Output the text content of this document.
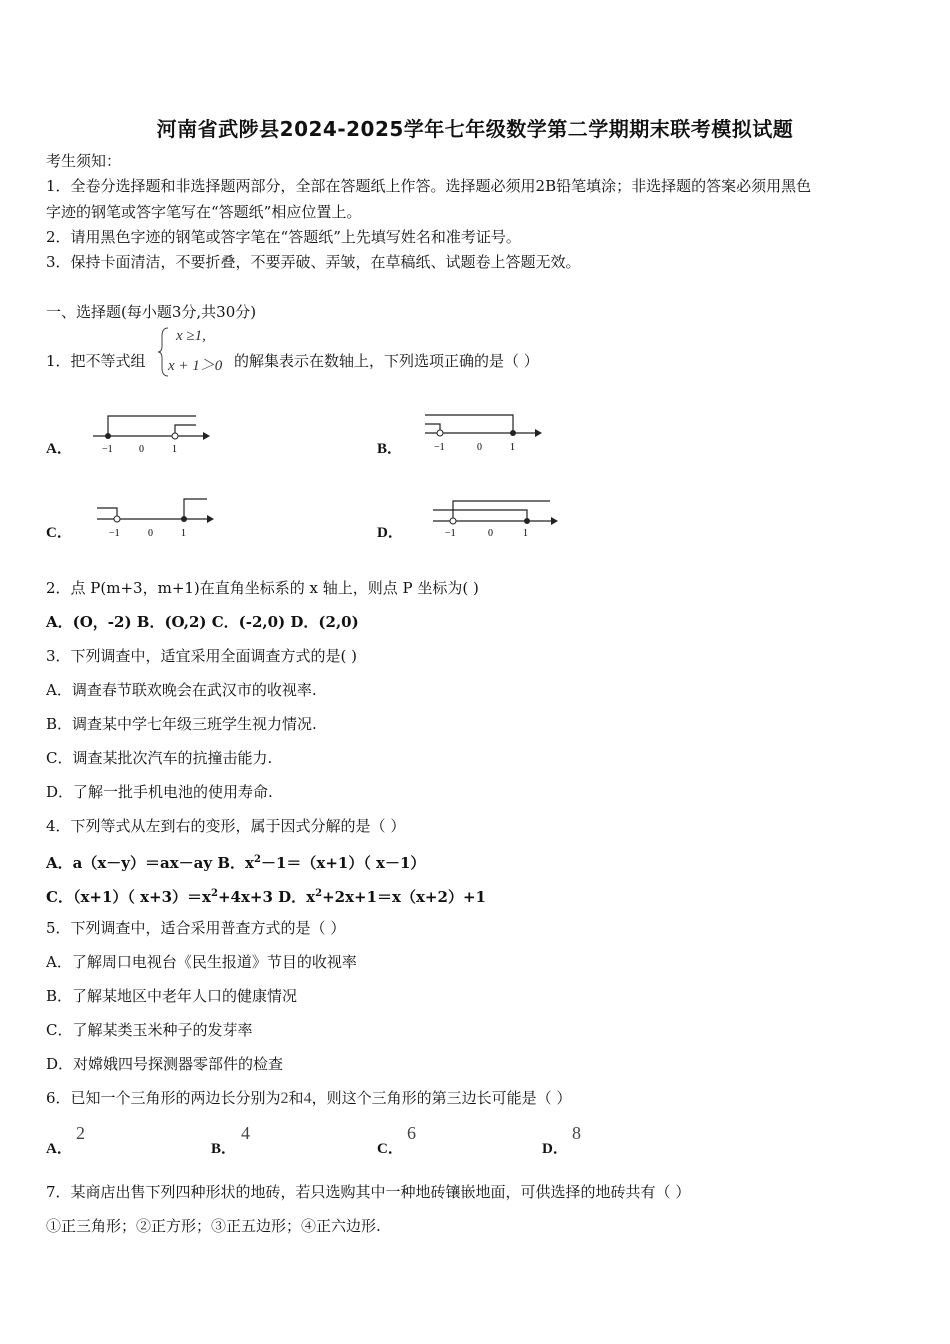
河南省武陟县2024-2025学年七年级数学第二学期期末联考模拟试题
考生须知：
1．全卷分选择题和非选择题两部分，全部在答题纸上作答。选择题必须用2B铅笔填涂；非选择题的答案必须用黑色
字迹的钢笔或答字笔写在“答题纸”相应位置上。
2．请用黑色字迹的钢笔或答字笔在“答题纸”上先填写姓名和准考证号。
3．保持卡面清洁，不要折叠，不要弄破、弄皱，在草稿纸、试题卷上答题无效。
一、选择题(每小题3分,共30分)
1．把不等式组
x ≥1,
x + 1＞0 的解集表示在数轴上，下列选项正确的是（ ）
A．	−1	0	1	B．	−1	0	1
C．	−1	0	1	D．	−1	0	1
2．点 P(m+3，m+1)在直角坐标系的 x 轴上，则点 P 坐标为( )
A．(O，-2) B．(O,2) C．(-2,0) D．(2,0)
3．下列调查中，适宜采用全面调查方式的是( )
A．调查春节联欢晚会在武汉市的收视率.
B．调查某中学七年级三班学生视力情况.
C．调查某批次汽车的抗撞击能力.
D．了解一批手机电池的使用寿命.
4．下列等式从左到右的变形，属于因式分解的是（ ）
A．a（x－y）＝ax－ay B．$x^2-1=(x+1)$（ x－1）
C．（x+1）（ $x+3)=x^2+4x+3$ D．$x^2+2x+1=x(x+2)+1$
5．下列调查中，适合采用普查方式的是（ ）
A．了解周口电视台《民生报道》节目的收视率
B．了解某地区中老年人口的健康情况
C．了解某类玉米种子的发芽率
D．对嫦娥四号探测器零部件的检查
6．已知一个三角形的两边长分别为2和4，则这个三角形的第三边长可能是（ ）
A．
2
B．
4
C．
6
D．
8
7．某商店出售下列四种形状的地砖，若只选购其中一种地砖镶嵌地面，可供选择的地砖共有（ ）
①正三角形；②正方形；③正五边形；④正六边形.
